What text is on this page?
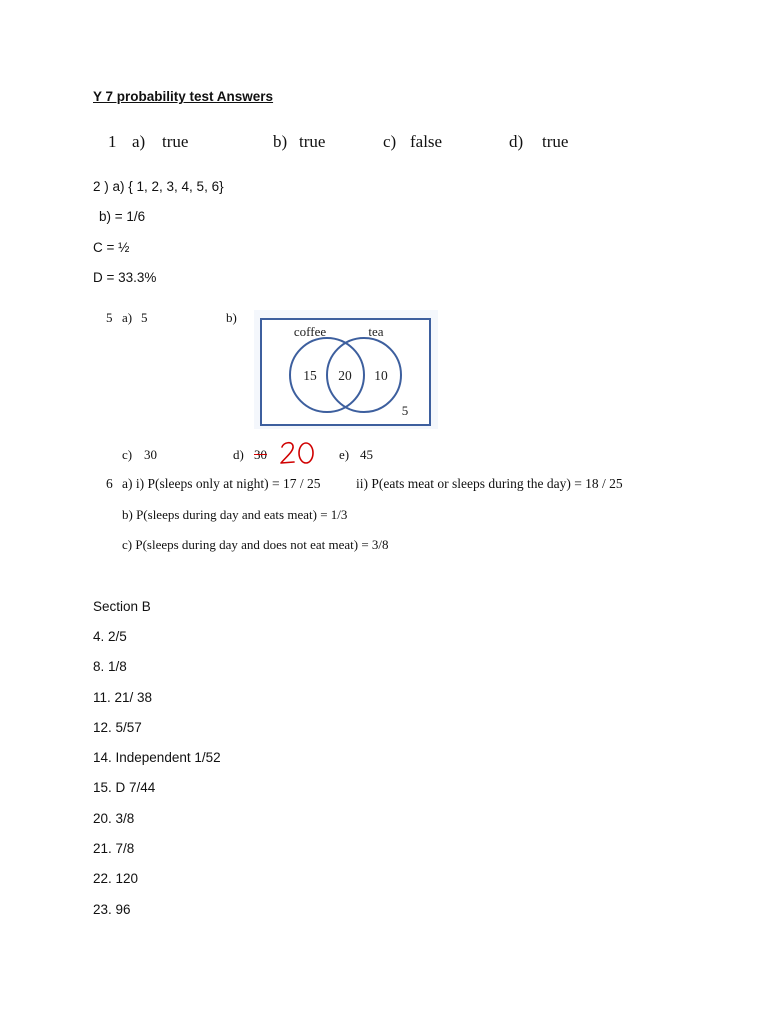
Y 7 probability test Answers
1 a) true	b) true	c) false	d) true
2 ) a) { 1, 2, 3, 4, 5, 6}
b) = 1/6
C = ½
D = 33.3%
5 a) 5	b)
coffee	tea
15 20 10
5
c) 30	d) 30	e) 45
6 a) i) P(sleeps only at night) = 17 / 25	ii) P(eats meat or sleeps during the day) = 18 / 25
b) P(sleeps during day and eats meat) = 1/3
c) P(sleeps during day and does not eat meat) = 3/8
Section B
4. 2/5
8. 1/8
11. 21/ 38
12. 5/57
14. Independent 1/52
15. D 7/44
20. 3/8
21. 7/8
22. 120
23. 96
